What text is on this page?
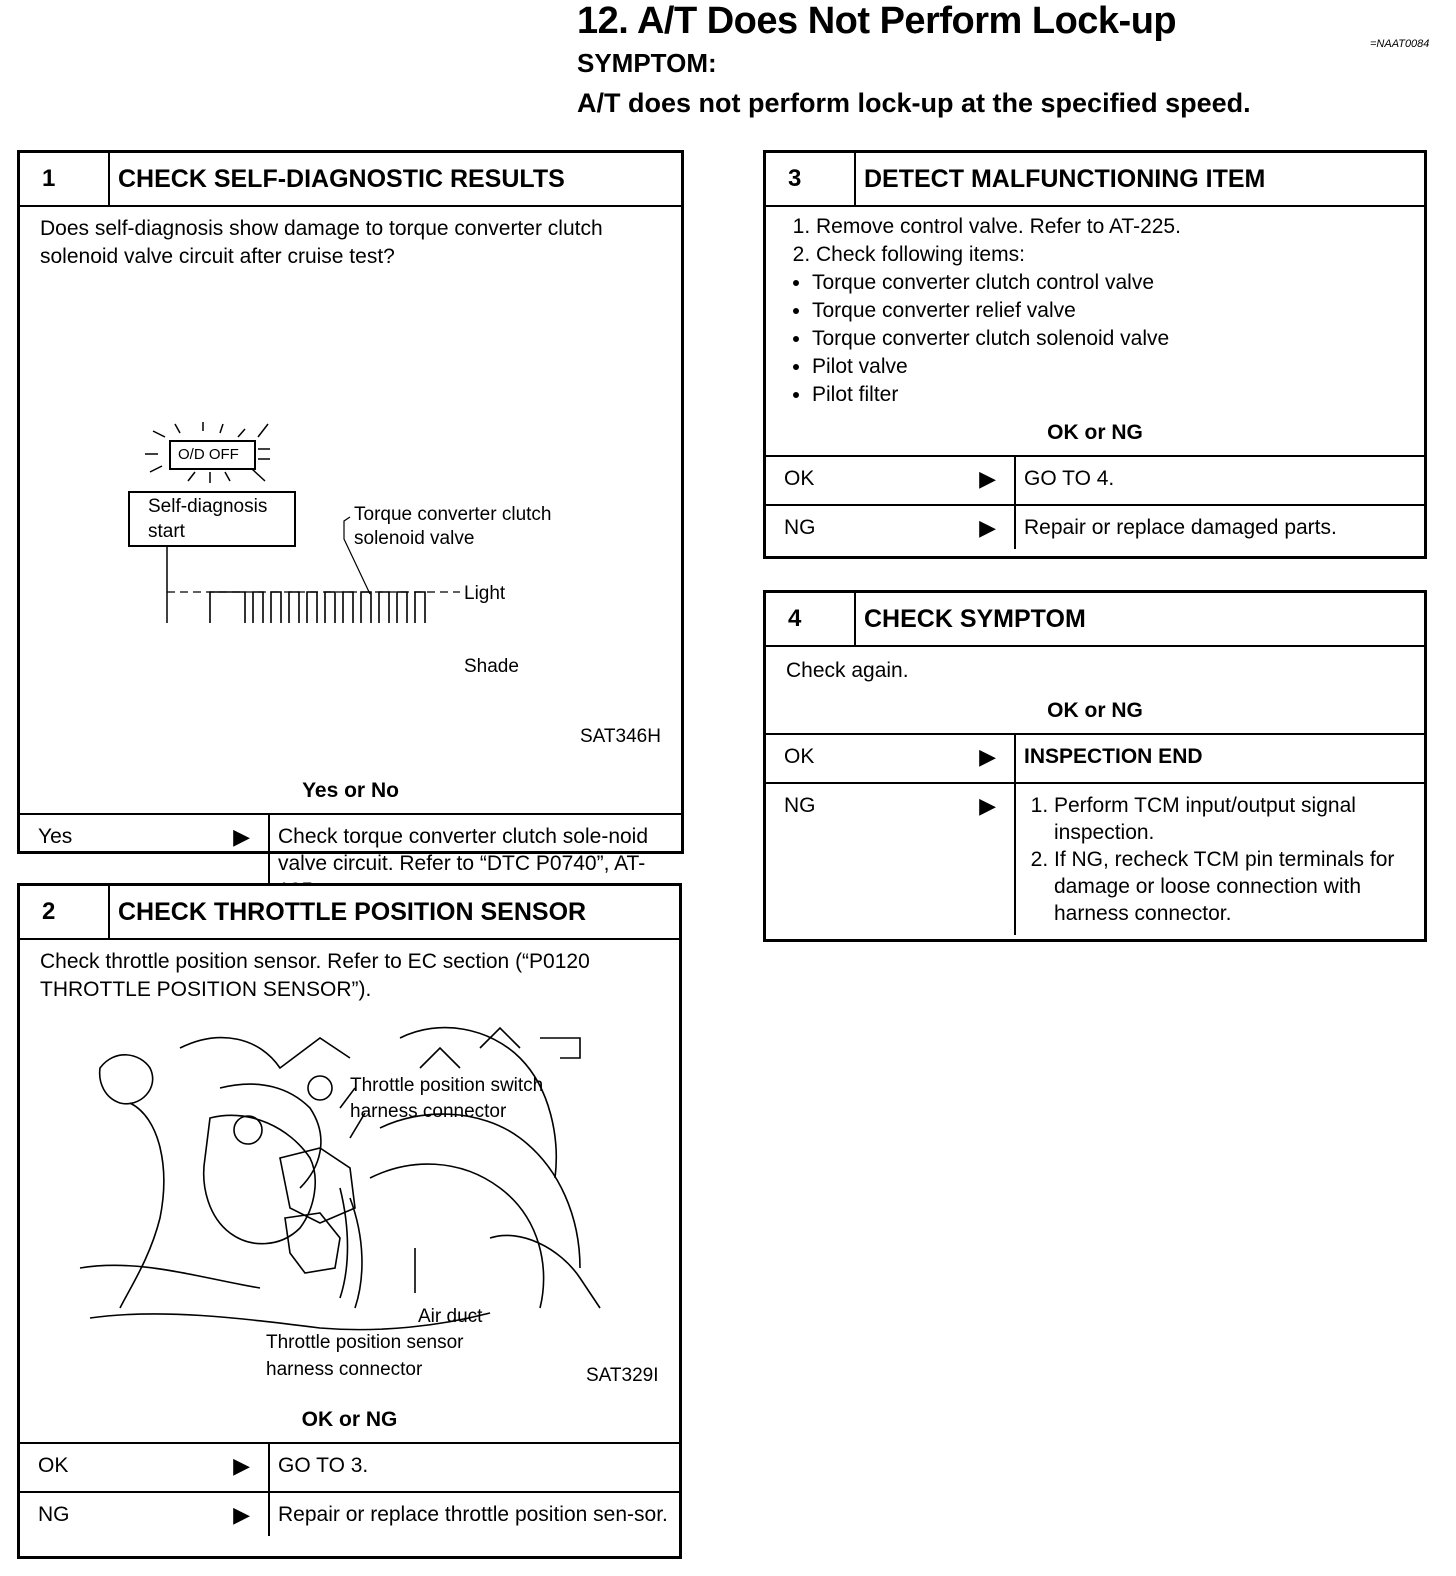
12. A/T Does Not Perform Lock-up
SYMPTOM:
A/T does not perform lock-up at the specified speed.
=NAAT0084
1	CHECK SELF-DIAGNOSTIC RESULTS
Does self-diagnosis show damage to torque converter clutch solenoid valve circuit after cruise test?
O/D OFF
Self-diagnosis
start
Torque converter clutch
solenoid valve
Light
Shade
SAT346H
Yes or No
Yes	▶	Check torque converter clutch sole-noid valve circuit. Refer to “DTC P0740”, AT-
2	CHECK THROTTLE POSITION SENSOR
Check throttle position sensor. Refer to EC section (“P0120 THROTTLE POSITION SENSOR”).
Throttle position switch
harness connector
Air duct
Throttle position sensor
harness connector	SAT329I
OK or NG
OK	▶	GO TO 3.
NG	▶	Repair or replace throttle position sen-sor.
3	DETECT MALFUNCTIONING ITEM
1. Remove control valve. Refer to AT-225.
2. Check following items:
• Torque converter clutch control valve
• Torque converter relief valve
• Torque converter clutch solenoid valve
• Pilot valve
• Pilot filter
OK or NG
OK	▶	GO TO 4.
NG	▶	Repair or replace damaged parts.
4	CHECK SYMPTOM
Check again.
OK or NG
OK	▶	INSPECTION END
NG	▶
1.	Perform TCM input/output signal inspection.
2. If NG, recheck TCM pin terminals for damage or loose connection with harness connector.
